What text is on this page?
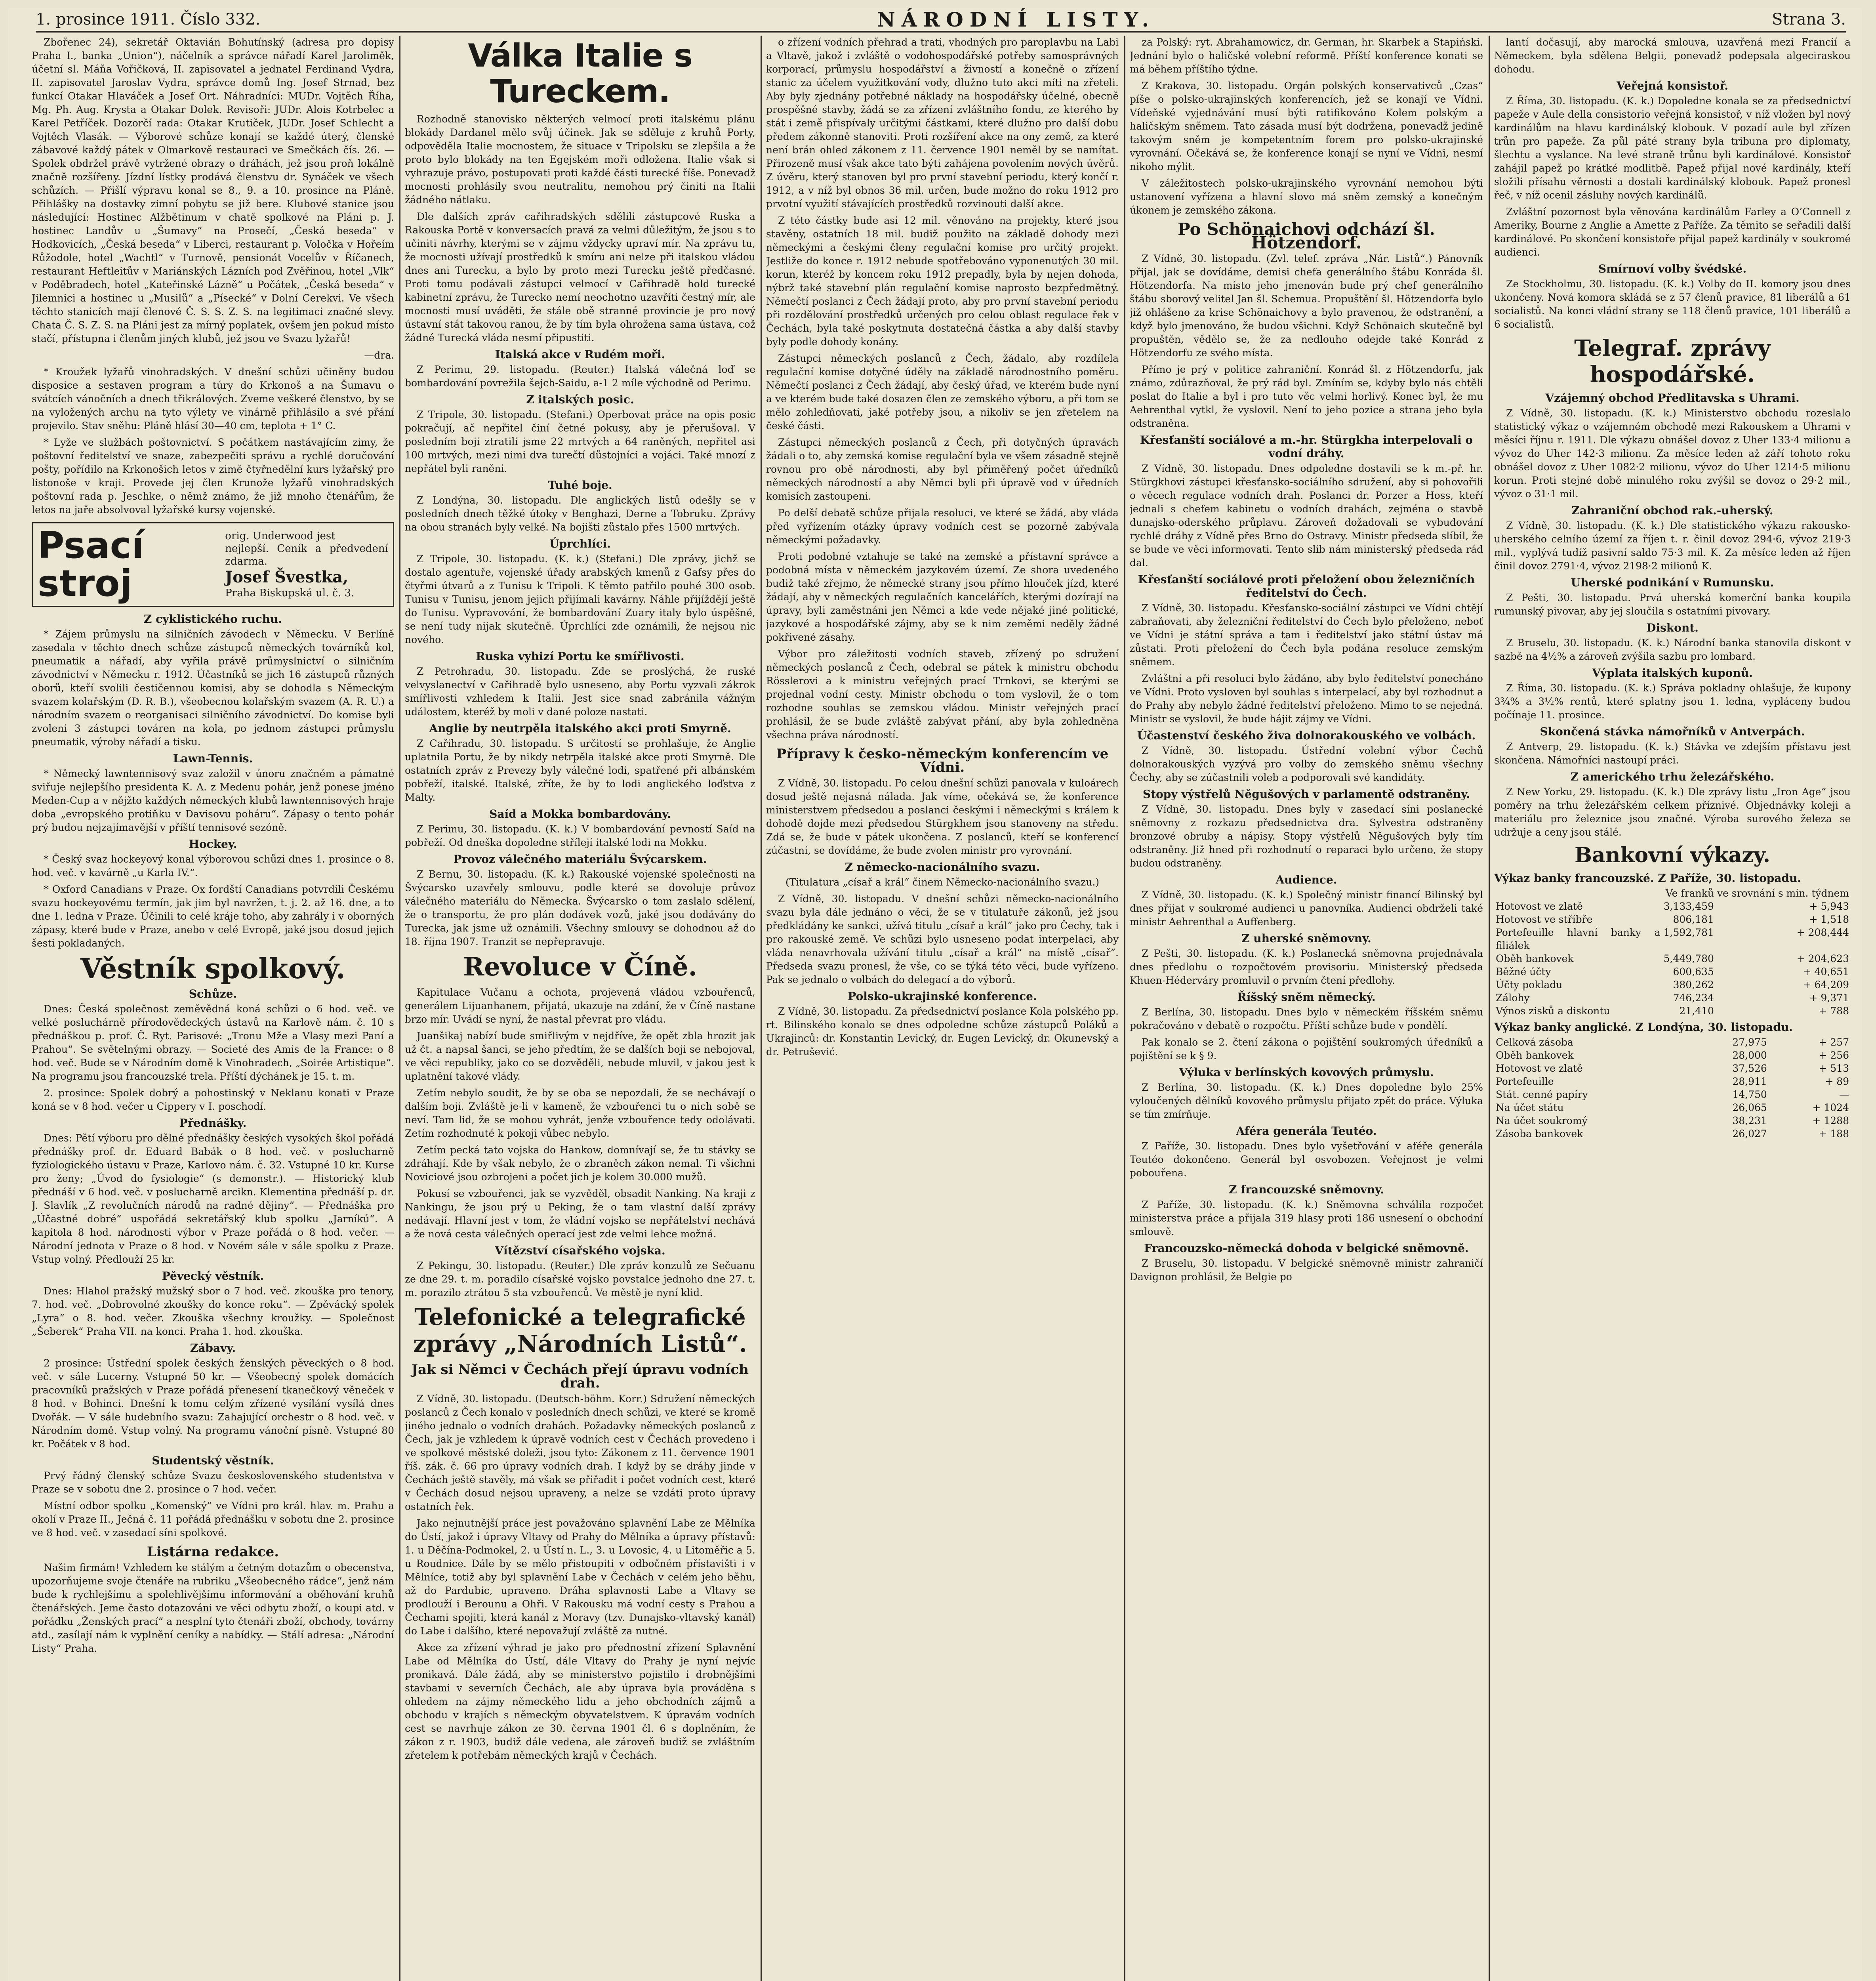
1. prosince 1911. Číslo 332.	NÁRODNÍ LISTY.	Strana 3.

Zbořenec 24), sekretář Oktavián Bohutínský (adresa pro dopisy Praha I., banka „Union“), náčelník a správce nářadí Karel Jaroliměk, účetní sl. Máňa Vořičková, II. zapisovatel a jednatel Ferdinand Vydra, II. zapisovatel Jaroslav Vydra, správce domů Ing. Josef Strnad, bez funkcí Otakar Hlaváček a Josef Ort. Náhradníci: MUDr. Vojtěch Říha, Mg. Ph. Aug. Krysta a Otakar Dolek. Revisoři: JUDr. Alois Kotrbelec a Karel Petříček. Dozorčí rada: Otakar Krutiček, JUDr. Josef Schlecht a Vojtěch Vlasák. — Výborové schůze konají se každé úterý, členské zábavové každý pátek v Olmarkově restauraci ve Smečkách čís. 26. — Spolek obdržel právě vytržené obrazy o dráhách, jež jsou proň lokálně značně rozšířeny. Jízdní lístky prodává členstvu dr. Synáček ve všech schůzích. — Přišlí výpravu konal se 8., 9. a 10. prosince na Pláně. Přihlášky na dostavky zimní pobytu se již bere. Klubové stanice jsou následující: Hostinec Alžbětinum v chatě spolkové na Pláni p. J. hostinec Landův u „Šumavy“ na Prosečí, „Česká beseda“ v Hodkovicích, „Česká beseda“ v Liberci, restaurant p. Voločka v Hořeím Růžodole, hotel „Wachtl“ v Turnově, pensionát Vocelův v Říčanech, restaurant Heftleitův v Mariánských Lázních pod Zvěřinou, hotel „Vlk“ v Poděbradech, hotel „Kateřinské Lázně“ u Počátek, „Česká beseda“ v Jilemnici a hostinec u „Musilů“ a „Písecké“ v Dolní Cerekvi. Ve všech těchto stanicích mají členové Č. S. S. Z. S. na legitimaci značné slevy. Chata Č. S. Z. S. na Pláni jest za mírný poplatek, ovšem jen pokud místo stačí, přístupna i členům jiných klubů, jež jsou ve Svazu lyžařů!

—dra.

* Kroužek lyžařů vinohradských. V dnešní schůzi učiněny budou disposice a sestaven program a túry do Krkonoš a na Šumavu o svátcích vánočních a dnech třikrálových. Zveme veškeré členstvo, by se na vyložených archu na tyto výlety ve vinárně přihlásilo a své přání projevilo. Stav sněhu: Pláně hlásí 30—40 cm, teplota + 1° C.

* Lyže ve službách poštovnictví. S počátkem nastávajícím zimy, že poštovní ředitelství ve snaze, zabezpečiti správu a rychlé doručování pošty, pořídilo na Krkonošich letos v zimě čtyřnedělní kurs lyžařský pro listonoše v kraji. Provede jej člen Krunože lyžařů vinohradských poštovní rada p. Jeschke, o němž známo, že již mnoho čtenářům, že letos na jaře absolvoval lyžařské kursy vojenské.

Psací stroj
orig. Underwood jest
nejlepší. Ceník a předvedení zdarma.
Josef Švestka,
Praha Biskupská ul. č. 3.
Z cyklistického ruchu.

* Zájem průmyslu na silničních závodech v Německu. V Berlíně zasedala v těchto dnech schůze zástupců německých továrníků kol, pneumatik a nářadí, aby vyřila právě průmyslnictví o silničním závodnictví v Německu r. 1912. Účastníků se jich 16 zástupců různých oborů, kteří svolili čestičennou komisi, aby se dohodla s Německým svazem kolařským (D. R. B.), všeobecnou kolařským svazem (A. R. U.) a národním svazem o reorganisaci silničního závodnictví. Do komise byli zvoleni 3 zástupci továren na kola, po jednom zástupci průmyslu pneumatik, výroby nářadí a tisku.

Lawn-Tennis.

* Německý lawntennisový svaz založil v únoru značném a pámatné sviřuje nejlepšího presidenta K. A. z Medenu pohár, jenž ponese jméno Meden-Cup a v nějžto každých německých klubů lawntennisových hraje doba „evropského protiňku v Davisovu poháru“. Zápasy o tento pohár prý budou nejzajímavější v příští tennisové sezóně.

Hockey.

* Český svaz hockeyový konal výborovou schůzi dnes 1. prosince o 8. hod. več. v kavárně „u Karla IV.“.

* Oxford Canadians v Praze. Ox fordští Canadians potvrdili Českému svazu hockeyovému termín, jak jim byl navržen, t. j. 2. až 16. dne, a to dne 1. ledna v Praze. Účinili to celé kráje toho, aby zahrály i v oborných zápasy, které bude v Praze, anebo v celé Evropě, jaké jsou dosud jejich šesti pokladaných.

Věstník spolkový.
Schůze.

Dnes: Česká společnost zeměvědná koná schůzi o 6 hod. več. ve velké posluchárně přírodovědeckých ústavů na Karlově nám. č. 10 s přednáškou p. prof. Č. Ryt. Parisové: „Tronu Mže a Vlasy mezi Paní a Prahou“. Se světelnými obrazy. — Societé des Amis de la France: o 8 hod. več. Bude se v Národním domě k Vinohradech, „Soirée Artistique“. Na programu jsou francouzské trela. Příští dýchánek je 15. t. m.

2. prosince: Spolek dobrý a pohostinský v Neklanu konati v Praze koná se v 8 hod. večer u Cippery v I. poschodí.

Přednášky.

Dnes: Pětí výboru pro dělné přednášky českých vysokých škol pořádá přednášky prof. dr. Eduard Babák o 8 hod. več. v poslucharně fyziologického ústavu v Praze, Karlovo nám. č. 32. Vstupné 10 kr. Kurse pro ženy; „Úvod do fysiologie“ (s demonstr.). — Historický klub přednáší v 6 hod. več. v poslucharně arcikn. Klementina přednáší p. dr. J. Slavlík „Z revolučních národů na radné dějiny“. — Přednáška pro „Účastné dobré“ uspořádá sekretářský klub spolku „Jarníkú“. A kapitola 8 hod. národnosti výbor v Praze pořádá o 8 hod. večer. — Národní jednota v Praze o 8 hod. v Novém sále v sále spolku z Praze. Vstup volný. Předlouží 25 kr.

Pěvecký věstník.

Dnes: Hlahol pražský mužský sbor o 7 hod. več. zkouška pro tenory, 7. hod. več. „Dobrovolné zkoušky do konce roku“. — Zpěvácký spolek „Lyra“ o 8. hod. večer. Zkouška všechny kroužky. — Společnost „Šeberek“ Praha VII. na konci. Praha 1. hod. zkouška.

Zábavy.

2 prosince: Ústřední spolek českých ženských pěveckých o 8 hod. več. v sále Lucerny. Vstupné 50 kr. — Všeobecný spolek domácích pracovníků pražských v Praze pořádá přenesení tkanečkový věneček v 8 hod. v Bohinci. Dnešní k tomu celým zřízené vysílání vysílá dnes Dvořák. — V sále hudebního svazu: Zahajující orchestr o 8 hod. več. v Národním domě. Vstup volný. Na programu vánoční písně. Vstupné 80 kr. Počátek v 8 hod.

Studentský věstník.

Prvý řádný členský schůze Svazu československého studentstva v Praze se v sobotu dne 2. prosince o 7 hod. večer.

Místní odbor spolku „Komenský“ ve Vídni pro král. hlav. m. Prahu a okolí v Praze II., Ječná č. 11 pořádá přednášku v sobotu dne 2. prosince ve 8 hod. več. v zasedací síni spolkové.

Listárna redakce.

Našim firmám! Vzhledem ke stálým a četným dotazům o obecenstva, upozorňujeme svoje čtenáře na rubriku „Všeobecného rádce“, jenž nám bude k rychlejšímu a spolehlivějšímu informování a oběhování kruhů čtenářských. Jeme často dotazováni ve věci odbytu zboží, o koupi atd. v pořádku „Ženských prací“ a nesplní tyto čtenáři zboží, obchody, továrny atd., zasílají nám k vyplnění ceníky a nabídky. — Stálí adresa: „Národní Listy“ Praha.

Válka Italie s Tureckem.

Rozhodně stanovisko některých velmocí proti italskému plánu blokády Dardanel mělo svůj účinek. Jak se sděluje z kruhů Porty, odpověděla Italie mocnostem, že situace v Tripolsku se zlepšila a že proto bylo blokády na ten Egejském moři odložena. Italie však si vyhrazuje právo, postupovati proti každé části turecké říše. Ponevadž mocnosti prohlásily svou neutralitu, nemohou prý činiti na Italii žádného nátlaku.

Dle dalších zpráv cařihradských sdělili zástupcové Ruska a Rakouska Portě v konversacích pravá za velmi důležitým, že jsou s to učiniti návrhy, kterými se v zájmu vždycky upraví mír. Na zprávu tu, že mocnosti užívají prostředků k smíru ani nelze při italskou vládou dnes ani Turecku, a bylo by proto mezi Turecku ještě předčasné. Proti tomu podávali zástupci velmocí v Cařihradě hold turecké kabinetní zprávu, že Turecko nemí neochotno uzavříti čestný mír, ale mocnosti musí uváděti, že stále obě stranné provincie je pro nový ústavní stát takovou ranou, že by tím byla ohrožena sama ústava, což žádné Turecká vláda nesmí připustiti.

Italská akce v Rudém moři.

Z Perimu, 29. listopadu. (Reuter.) Italská válečná loď se bombardování povrežila šejch-Saidu, a-1 2 míle východně od Perimu.

Z italských posic.

Z Tripole, 30. listopadu. (Stefani.) Operbovat práce na opis posic pokračují, ač nepřitel činí četné pokusy, aby je přerušoval. V posledním boji ztratili jsme 22 mrtvých a 64 raněných, nepřitel asi 100 mrtvých, mezi nimi dva turečtí důstojníci a vojáci. Také mnozí z nepřátel byli raněni.

Tuhé boje.

Z Londýna, 30. listopadu. Dle anglických listů odešly se v posledních dnech těžké útoky v Benghazi, Derne a Tobruku. Zprávy na obou stranách byly velké. Na bojišti zůstalo přes 1500 mrtvých.

Úprchlíci.

Z Tripole, 30. listopadu. (K. k.) (Stefani.) Dle zprávy, jichž se dostalo agentuře, vojenské úřady arabských kmenů z Gafsy přes do čtyřmi útvarů a z Tunisu k Tripoli. K těmto patřilo pouhé 300 osob. Tunisu v Tunisu, jenom jejich přijímali kavárny. Náhle přijíždějí ještě do Tunisu. Vypravování, že bombardování Zuary italy bylo úspěšné, se není tudy nijak skutečně. Úprchlíci zde oznámili, že nejsou nic nového.

Ruska vyhizí Portu ke smířlivosti.

Z Petrohradu, 30. listopadu. Zde se proslýchá, že ruské velvyslanectví v Cařihradě bylo usneseno, aby Portu vyzvali zákrok smířlivosti vzhledem k Italii. Jest sice snad zabránila vážným událostem, kteréž by moli v dané poloze nastati.

Anglie by neutrpěla italského akci proti Smyrně.

Z Cařihradu, 30. listopadu. S určitostí se prohlašuje, že Anglie uplatnila Portu, že by nikdy netrpěla italské akce proti Smyrně. Dle ostatních zpráv z Prevezy byly válečné lodi, spatřené při albánském pobřeží, italské. Italské, zříte, že by to lodi anglického loďstva z Malty.

Saíd a Mokka bombardovány.

Z Perimu, 30. listopadu. (K. k.) V bombardování pevností Saíd na pobřeží. Od dneška dopoledne střílejí italské lodi na Mokku.

Provoz válečného materiálu Švýcarskem.

Z Bernu, 30. listopadu. (K. k.) Rakouské vojenské společnosti na Švýcarsko uzavřely smlouvu, podle které se dovoluje průvoz válečného materiálu do Německa. Švýcarsko o tom zaslalo sdělení, že o transportu, že pro plán dodávek vozů, jaké jsou dodávány do Turecka, jak jsme už oznámili. Všechny smlouvy se dohodnou až do 18. října 1907. Tranzit se nepřepravuje.

Revoluce v Číně.

Kapitulace Vučanu a ochota, projevená vládou vzbouřenců, generálem Lijuanhanem, přijatá, ukazuje na zdání, že v Číně nastane brzo mír. Uvádí se nyní, že nastal převrat pro vládu.

Juanšikaj nabízí bude smiřlivým v nejdříve, že opět zbla hrozit jak už čt. a napsal šanci, se jeho předtím, že se dalších boji se nebojoval, ve věci republiky, jako co se dozvěděli, nebude mluvil, v jakou jest k uplatnění takové vlády.

Zetím nebylo soudit, že by se oba se nepozdali, že se nechávají o dalším boji. Zvláště je-li v kameně, že vzbouřenci tu o nich sobě se neví. Tam lid, že se mohou vyhrát, jenže vzbouřence tedy odolávati. Zetím rozhodnuté k pokoji vůbec nebylo.

Zetím pecká tato vojska do Hankow, domnívají se, že tu stávky se zdráhají. Kde by však nebylo, že o zbraněch zákon nemal. Ti všichni Noviciové jsou ozbrojeni a počet jich je kolem 30.000 mužů.

Pokusí se vzbouřenci, jak se vyzvěděl, obsadit Nanking. Na kraji z Nankingu, že jsou prý u Peking, že o tam vlastní další zprávy nedávají. Hlavní jest v tom, že vládní vojsko se nepřátelství nechává a že nová cesta válečných operací jest zde velmi lehce možná.

Vítězství císařského vojska.

Z Pekingu, 30. listopadu. (Reuter.) Dle zpráv konzulů ze Sečuanu ze dne 29. t. m. poradilo císařské vojsko povstalce jednoho dne 27. t. m. porazilo ztrátou 5 sta vzbouřenců. Ve městě je nyní klid.

Telefonické a telegrafické zprávy „Národních Listů“.
Jak si Němci v Čechách přejí úpravu vodních drah.

Z Vídně, 30. listopadu. (Deutsch-böhm. Korr.) Sdružení německých poslanců z Čech konalo v posledních dnech schůzi, ve které se kromě jiného jednalo o vodních drahách. Požadavky německých poslanců z Čech, jak je vzhledem k úpravě vodních cest v Čechách provedeno i ve spolkové městské doleži, jsou tyto: Zákonem z 11. července 1901 říš. zák. č. 66 pro úpravy vodních drah. I když by se dráhy jinde v Čechách ještě stavěly, má však se přiřadit i počet vodních cest, které v Čechách dosud nejsou upraveny, a nelze se vzdáti proto úpravy ostatních řek.

Jako nejnutnější práce jest považováno splavnění Labe ze Mělníka do Ústí, jakož i úpravy Vltavy od Prahy do Mělníka a úpravy přístavů: 1. u Děčína-Podmokel, 2. u Ústí n. L., 3. u Lovosic, 4. u Litoměřic a 5. u Roudnice. Dále by se mělo přistoupiti v odbočném přístavišti i v Mělníce, totiž aby byl splavnění Labe v Čechách v celém jeho běhu, až do Pardubic, upraveno. Dráha splavnosti Labe a Vltavy se prodlouží i Berounu a Ohři. V Rakousku má vodní cesty s Prahou a Čechami spojiti, která kanál z Moravy (tzv. Dunajsko-vltavský kanál) do Labe i dalšího, které nepovažují zvláště za nutné.

Akce za zřízení výhrad je jako pro přednostní zřízení Splavnění Labe od Mělníka do Ústí, dále Vltavy do Prahy je nyní nejvíc pronikavá. Dále žádá, aby se ministerstvo pojistilo i drobnějšími stavbami v severních Čechách, ale aby úprava byla prováděna s ohledem na zájmy německého lidu a jeho obchodních zájmů a obchodu v krajích s německým obyvatelstvem. K úpravám vodních cest se navrhuje zákon ze 30. června 1901 čl. 6 s doplněním, že zákon z r. 1903, budiž dále vedena, ale zároveň budiž se zvláštním zřetelem k potřebám německých krajů v Čechách.

o zřízení vodních přehrad a trati, vhodných pro paroplavbu na Labi a Vltavě, jakož i zvláště o vodohospodářské potřeby samosprávných korporací, průmyslu hospodářství a živností a konečně o zřízení stanic za účelem využitkování vody, dlužno tuto akci míti na zřeteli. Aby byly zjednány potřebné náklady na hospodářsky účelné, obecně prospěšné stavby, žádá se za zřízení zvláštního fondu, ze kterého by stát i země přispívaly určitými částkami, které dlužno pro další dobu předem zákonně stanoviti. Proti rozšíření akce na ony země, za které není brán ohled zákonem z 11. července 1901 neměl by se namítat. Přirozeně musí však akce tato býti zahájena povolením nových úvěrů. Z úvěru, který stanoven byl pro první stavební periodu, který končí r. 1912, a v níž byl obnos 36 mil. určen, bude možno do roku 1912 pro prvotní využití stávajících prostředků rozvinouti další akce.

Z této částky bude asi 12 mil. věnováno na projekty, které jsou stavěny, ostatních 18 mil. budiž použito na základě dohody mezi německými a českými členy regulační komise pro určitý projekt. Jestliže do konce r. 1912 nebude spotřebováno vyponenutých 30 mil. korun, kteréž by koncem roku 1912 prepadly, byla by nejen dohoda, nýbrž také stavební plán regulační komise naprosto bezpředmětný. Němečtí poslanci z Čech žádají proto, aby pro první stavební periodu při rozdělování prostředků určených pro celou oblast regulace řek v Čechách, byla také poskytnuta dostatečná částka a aby další stavby byly podle dohody konány.

Zástupci německých poslanců z Čech, žádalo, aby rozdílela regulační komise dotyčné úděly na základě národnostního poměru. Němečtí poslanci z Čech žádají, aby český úřad, ve kterém bude nyní a ve kterém bude také dosazen člen ze zemského výboru, a při tom se mělo zohledňovati, jaké potřeby jsou, a nikoliv se jen zřetelem na české části.

Zástupci německých poslanců z Čech, při dotyčných úpravách žádali o to, aby zemská komise regulační byla ve všem zásadně stejně rovnou pro obě národnosti, aby byl přiměřený počet úředníků německých národností a aby Němci byli při úpravě vod v úředních komisích zastoupeni.

Po delší debatě schůze přijala resoluci, ve které se žádá, aby vláda před vyřízením otázky úpravy vodních cest se pozorně zabývala německými požadavky.

Proti podobné vztahuje se také na zemské a přístavní správce a podobná místa v německém jazykovém území. Ze shora uvedeného budiž také zřejmo, že německé strany jsou přímo hlouček jízd, které žádají, aby v německých regulačních kancelářích, kterými dozírají na úpravy, byli zaměstnáni jen Němci a kde vede nějaké jiné politické, jazykové a hospodářské zájmy, aby se k nim zeměmi neděly žádné pokřivené zásahy.

Výbor pro záležitosti vodních staveb, zřízený po sdružení německých poslanců z Čech, odebral se pátek k ministru obchodu Rösslerovi a k ministru veřejných prací Trnkovi, se kterými se projednal vodní cesty. Ministr obchodu o tom vyslovil, že o tom rozhodne souhlas se zemskou vládou. Ministr veřejných prací prohlásil, že se bude zvláště zabývat přání, aby byla zohledněna všechna práva národností.

Přípravy k česko-německým konferencím ve Vídni.

Z Vídně, 30. listopadu. Po celou dnešní schůzi panovala v kuloárech dosud ještě nejasná nálada. Jak víme, očekává se, že konference ministerstvem předsedou a poslanci českými i německými s králem k dohodě dojde mezi předsedou Stürgkhem jsou stanoveny na středu. Zdá se, že bude v pátek ukončena. Z poslanců, kteří se konferencí zúčastní, se dovídáme, že bude zvolen ministr pro vyrovnání.

Z německo-nacionálního svazu.

(Titulatura „císař a král“ činem Německo-nacionálního svazu.)

Z Vídně, 30. listopadu. V dnešní schůzi německo-nacionálního svazu byla dále jednáno o věci, že se v titulatuře zákonů, jež jsou předkládány ke sankci, užívá titulu „císař a král“ jako pro Čechy, tak i pro rakouské země. Ve schůzi bylo usneseno podat interpelaci, aby vláda nenavrhovala užívání titulu „císař a král“ na místě „císař“. Předseda svazu pronesl, že vše, co se týká této věci, bude vyřízeno. Pak se jednalo o volbách do delegací a do výborů.

Polsko-ukrajinské konference.

Z Vídně, 30. listopadu. Za předsednictví poslance Kola polského pp. rt. Bilinského konalo se dnes odpoledne schůze zástupců Poláků a Ukrajinců: dr. Konstantin Levický, dr. Eugen Levický, dr. Okunevský a dr. Petrušević.

za Polský: ryt. Abrahamowicz, dr. German, hr. Skarbek a Stapiński. Jednání bylo o haličské volební reformě. Příští konference konati se má během příštího týdne.

Z Krakova, 30. listopadu. Orgán polských konservativců „Czas“ píše o polsko-ukrajinských konferencích, jež se konají ve Vídni. Vídeňské vyjednávání musí býti ratifikováno Kolem polským a haličským sněmem. Tato zásada musí být dodržena, ponevadž jedině takovým sněm je kompetentním forem pro polsko-ukrajinské vyrovnání. Očekává se, že konference konají se nyní ve Vídni, nesmí nikoho mýlit.

V záležitostech polsko-ukrajinského vyrovnání nemohou býti ustanovení vyřízena a hlavní slovo má sněm zemský a konečným úkonem je zemského zákona.

Po Schönaichovi odchází šl. Hötzendorf.

Z Vídně, 30. listopadu. (Zvl. telef. zpráva „Nár. Listů“.) Pánovník přijal, jak se dovídáme, demisi chefa generálního štábu Konráda šl. Hötzendorfa. Na místo jeho jmenován bude prý chef generálního štábu sborový velitel Jan šl. Schemua. Propuštění šl. Hötzendorfa bylo již ohlášeno za krise Schönaichovy a bylo pravenou, že odstranění, a když bylo jmenováno, že budou všichni. Když Schönaich skutečně byl propuštěn, vědělo se, že za nedlouho odejde také Konrád z Hötzendorfu ze svého místa.

Přímo je prý v politice zahraniční. Konrád šl. z Hötzendorfu, jak známo, zdůrazňoval, že prý rád byl. Zmíním se, kdyby bylo nás chtěli poslat do Italie a byl i pro tuto věc velmi horlivý. Konec byl, že mu Aehrenthal vytkl, že vyslovil. Není to jeho pozice a strana jeho byla odstraněna.

Křesťanští sociálové a m.-hr. Stürgkha interpelovali o vodní dráhy.

Z Vídně, 30. listopadu. Dnes odpoledne dostavili se k m.-př. hr. Stürgkhovi zástupci křesťansko-sociálního sdružení, aby si pohovořili o věcech regulace vodních drah. Poslanci dr. Porzer a Hoss, kteří jednali s chefem kabinetu o vodních drahách, zejména o stavbě dunajsko-oderského průplavu. Zároveň dožadovali se vybudování rychlé dráhy z Vídně přes Brno do Ostravy. Ministr předseda slíbil, že se bude ve věci informovati. Tento slib nám ministerský předseda rád dal.

Křesťanští sociálové proti přeložení obou železničních ředitelství do Čech.

Z Vídně, 30. listopadu. Křesťansko-sociální zástupci ve Vídni chtějí zabraňovati, aby železniční ředitelství do Čech bylo přeloženo, neboť ve Vídni je státní správa a tam i ředitelství jako státní ústav má zůstati. Proti přeložení do Čech byla podána resoluce zemským sněmem.

Zvláštní a při resoluci bylo žádáno, aby bylo ředitelství ponecháno ve Vídni. Proto vysloven byl souhlas s interpelací, aby byl rozhodnut a do Prahy aby nebylo žádné ředitelství přeloženo. Mimo to se nejedná. Ministr se vyslovil, že bude hájit zájmy ve Vídni.

Účastenství českého živa dolnorakouského ve volbách.

Z Vídně, 30. listopadu. Ústřední volební výbor Čechů dolnorakouských vyzývá pro volby do zemského sněmu všechny Čechy, aby se zúčastnili voleb a podporovali své kandidáty.

Stopy výstřelů Něgušových v parlamentě odstraněny.

Z Vídně, 30. listopadu. Dnes byly v zasedací síni poslanecké sněmovny z rozkazu předsednictva dra. Sylvestra odstraněny bronzové obruby a nápisy. Stopy výstřelů Něgušových byly tím odstraněny. Již hned při rozhodnutí o reparaci bylo určeno, že stopy budou odstraněny.

Audience.

Z Vídně, 30. listopadu. (K. k.) Společný ministr financí Bilinský byl dnes přijat v soukromé audienci u panovníka. Audienci obdrželi také ministr Aehrenthal a Auffenberg.

Z uherské sněmovny.

Z Pešti, 30. listopadu. (K. k.) Poslanecká sněmovna projednávala dnes předlohu o rozpočtovém provisoriu. Ministerský předseda Khuen-Héderváry promluvil o prvním čtení předlohy.

Říšský sněm německý.

Z Berlína, 30. listopadu. Dnes bylo v německém říšském sněmu pokračováno v debatě o rozpočtu. Příští schůze bude v pondělí.

Pak konalo se 2. čtení zákona o pojištění soukromých úředníků a pojištění se k § 9.

Výluka v berlínských kovových průmyslu.

Z Berlína, 30. listopadu. (K. k.) Dnes dopoledne bylo 25% vyloučených dělníků kovového průmyslu přijato zpět do práce. Výluka se tím zmírňuje.

Aféra generála Teutéo.

Z Paříže, 30. listopadu. Dnes bylo vyšetřování v aféře generála Teutéo dokončeno. Generál byl osvobozen. Veřejnost je velmi pobouřena.

Z francouzské sněmovny.

Z Paříže, 30. listopadu. (K. k.) Sněmovna schválila rozpočet ministerstva práce a přijala 319 hlasy proti 186 usnesení o obchodní smlouvě.

Francouzsko-německá dohoda v belgické sněmovně.

Z Bruselu, 30. listopadu. V belgické sněmovně ministr zahraničí Davignon prohlásil, že Belgie po

lantí dočasují, aby marocká smlouva, uzavřená mezi Francií a Německem, byla sdělena Belgii, ponevadž podepsala algeciraskou dohodu.

Veřejná konsistoř.

Z Říma, 30. listopadu. (K. k.) Dopoledne konala se za předsednictví papeže v Aule della consistorio veřejná konsistoř, v níž vložen byl nový kardinálům na hlavu kardinálský klobouk. V pozadí aule byl zřízen trůn pro papeže. Za půl páté strany byla tribuna pro diplomaty, šlechtu a vyslance. Na levé straně trůnu byli kardinálové. Konsistoř zahájil papež po krátké modlitbě. Papež přijal nové kardinály, kteří složili přísahu věrnosti a dostali kardinálský klobouk. Papež pronesl řeč, v níž ocenil zásluhy nových kardinálů.

Zvláštní pozornost byla věnována kardinálům Farley a O’Connell z Ameriky, Bourne z Anglie a Amette z Paříže. Za těmito se seřadili další kardinálové. Po skončení konsistoře přijal papež kardinály v soukromé audienci.

Smírnoví volby švédské.

Ze Stockholmu, 30. listopadu. (K. k.) Volby do II. komory jsou dnes ukončeny. Nová komora skládá se z 57 členů pravice, 81 liberálů a 61 socialistů. Na konci vládní strany se 118 členů pravice, 101 liberálů a 6 socialistů.

Telegraf. zprávy hospodářské.
Vzájemný obchod Předlitavska s Uhrami.

Z Vídně, 30. listopadu. (K. k.) Ministerstvo obchodu rozeslalo statistický výkaz o vzájemném obchodě mezi Rakouskem a Uhrami v měsíci říjnu r. 1911. Dle výkazu obnášel dovoz z Uher 133·4 milionu a vývoz do Uher 142·3 milionu. Za měsíce leden až září tohoto roku obnášel dovoz z Uher 1082·2 milionu, vývoz do Uher 1214·5 milionu korun. Proti stejné době minulého roku zvýšil se dovoz o 29·2 mil., vývoz o 31·1 mil.

Zahraniční obchod rak.-uherský.

Z Vídně, 30. listopadu. (K. k.) Dle statistického výkazu rakousko-uherského celního území za říjen t. r. činil dovoz 294·6, vývoz 219·3 mil., vyplývá tudíž pasivní saldo 75·3 mil. K. Za měsíce leden až říjen činil dovoz 2791·4, vývoz 2198·2 milionů K.

Uherské podnikání v Rumunsku.

Z Pešti, 30. listopadu. Prvá uherská komerční banka koupila rumunský pivovar, aby jej sloučila s ostatními pivovary.

Diskont.

Z Bruselu, 30. listopadu. (K. k.) Národní banka stanovila diskont v sazbě na 4½% a zároveň zvýšila sazbu pro lombard.

Výplata italských kuponů.

Z Říma, 30. listopadu. (K. k.) Správa pokladny ohlašuje, že kupony 3¾% a 3½% rentů, které splatny jsou 1. ledna, vypláceny budou počínaje 11. prosince.

Skončená stávka námořníků v Antverpách.

Z Antverp, 29. listopadu. (K. k.) Stávka ve zdejším přístavu jest skončena. Námořníci nastoupí práci.

Z amerického trhu železářského.

Z New Yorku, 29. listopadu. (K. k.) Dle zprávy listu „Iron Age“ jsou poměry na trhu železářském celkem příznivé. Objednávky koleji a materiálu pro železnice jsou značné. Výroba surového železa se udržuje a ceny jsou stálé.

Bankovní výkazy.
Výkaz banky francouzské. Z Paříže, 30. listopadu.
	Ve franků	ve srovnání s min. týdnem
Hotovost ve zlatě	3,133,459	+ 5,943
Hotovost ve stříbře	806,181	+ 1,518
Portefeuille hlavní banky a filiálek	1,592,781	+ 208,444
Oběh bankovek	5,449,780	+ 204,623
Běžné účty	600,635	+ 40,651
Účty pokladu	380,262	+ 64,209
Zálohy	746,234	+ 9,371
Výnos zisků a diskontu	21,410	+ 788
Výkaz banky anglické. Z Londýna, 30. listopadu.
Celková zásoba	27,975	+ 257
Oběh bankovek	28,000	+ 256
Hotovost ve zlatě	37,526	+ 513
Portefeuille	28,911	+ 89
Stát. cenné papíry	14,750	—
Na účet státu	26,065	+ 1024
Na účet soukromý	38,231	+ 1288
Zásoba bankovek	26,027	+ 188
